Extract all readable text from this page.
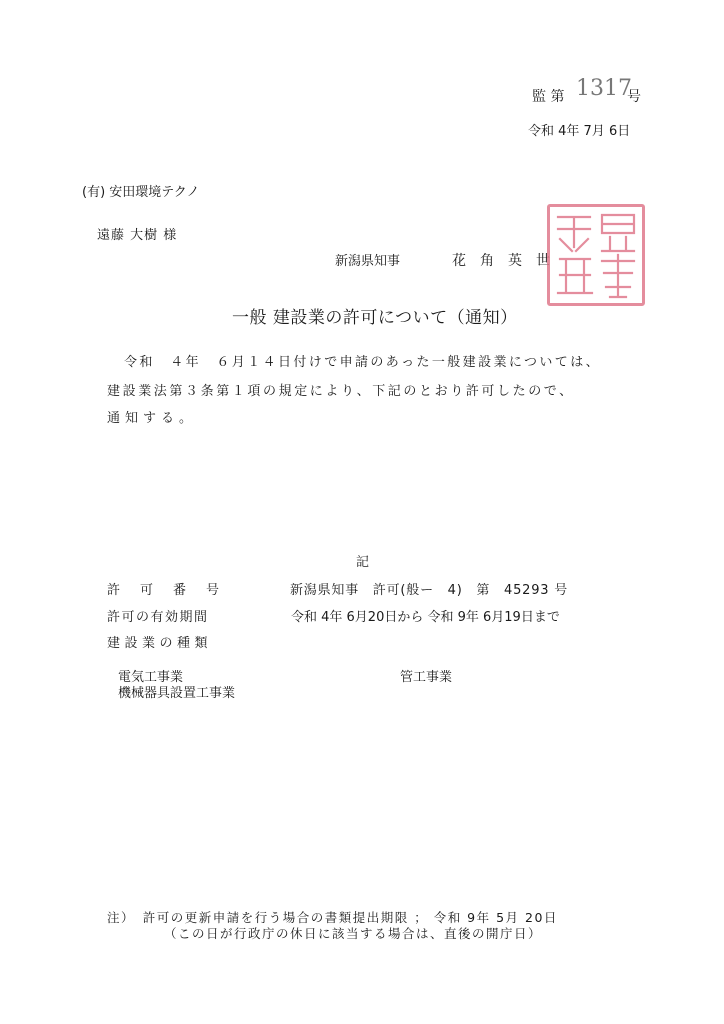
監 第 1317
号
令和 4年 7月 6日
(有) 安田環境テクノ
遠藤 大樹 様
新潟県知事	花角英世
一般 建設業の許可について（通知）
令和　４年　６月１４日付けで申請のあった一般建設業については、
建設業法第３条第１項の規定により、下記のとおり許可したので、
通知する。
記
許可番号	新潟県知事　許可(般ー　4)　第　45293 号
許可の有効期間	令和 4年 6月20日から 令和 9年 6月19日まで
建設業の種類
電気工事業
機械器具設置工事業
管工事業
注）　許可の更新申請を行う場合の書類提出期限 ； 令和 9年 5月 20日
（この日が行政庁の休日に該当する場合は、直後の開庁日）
